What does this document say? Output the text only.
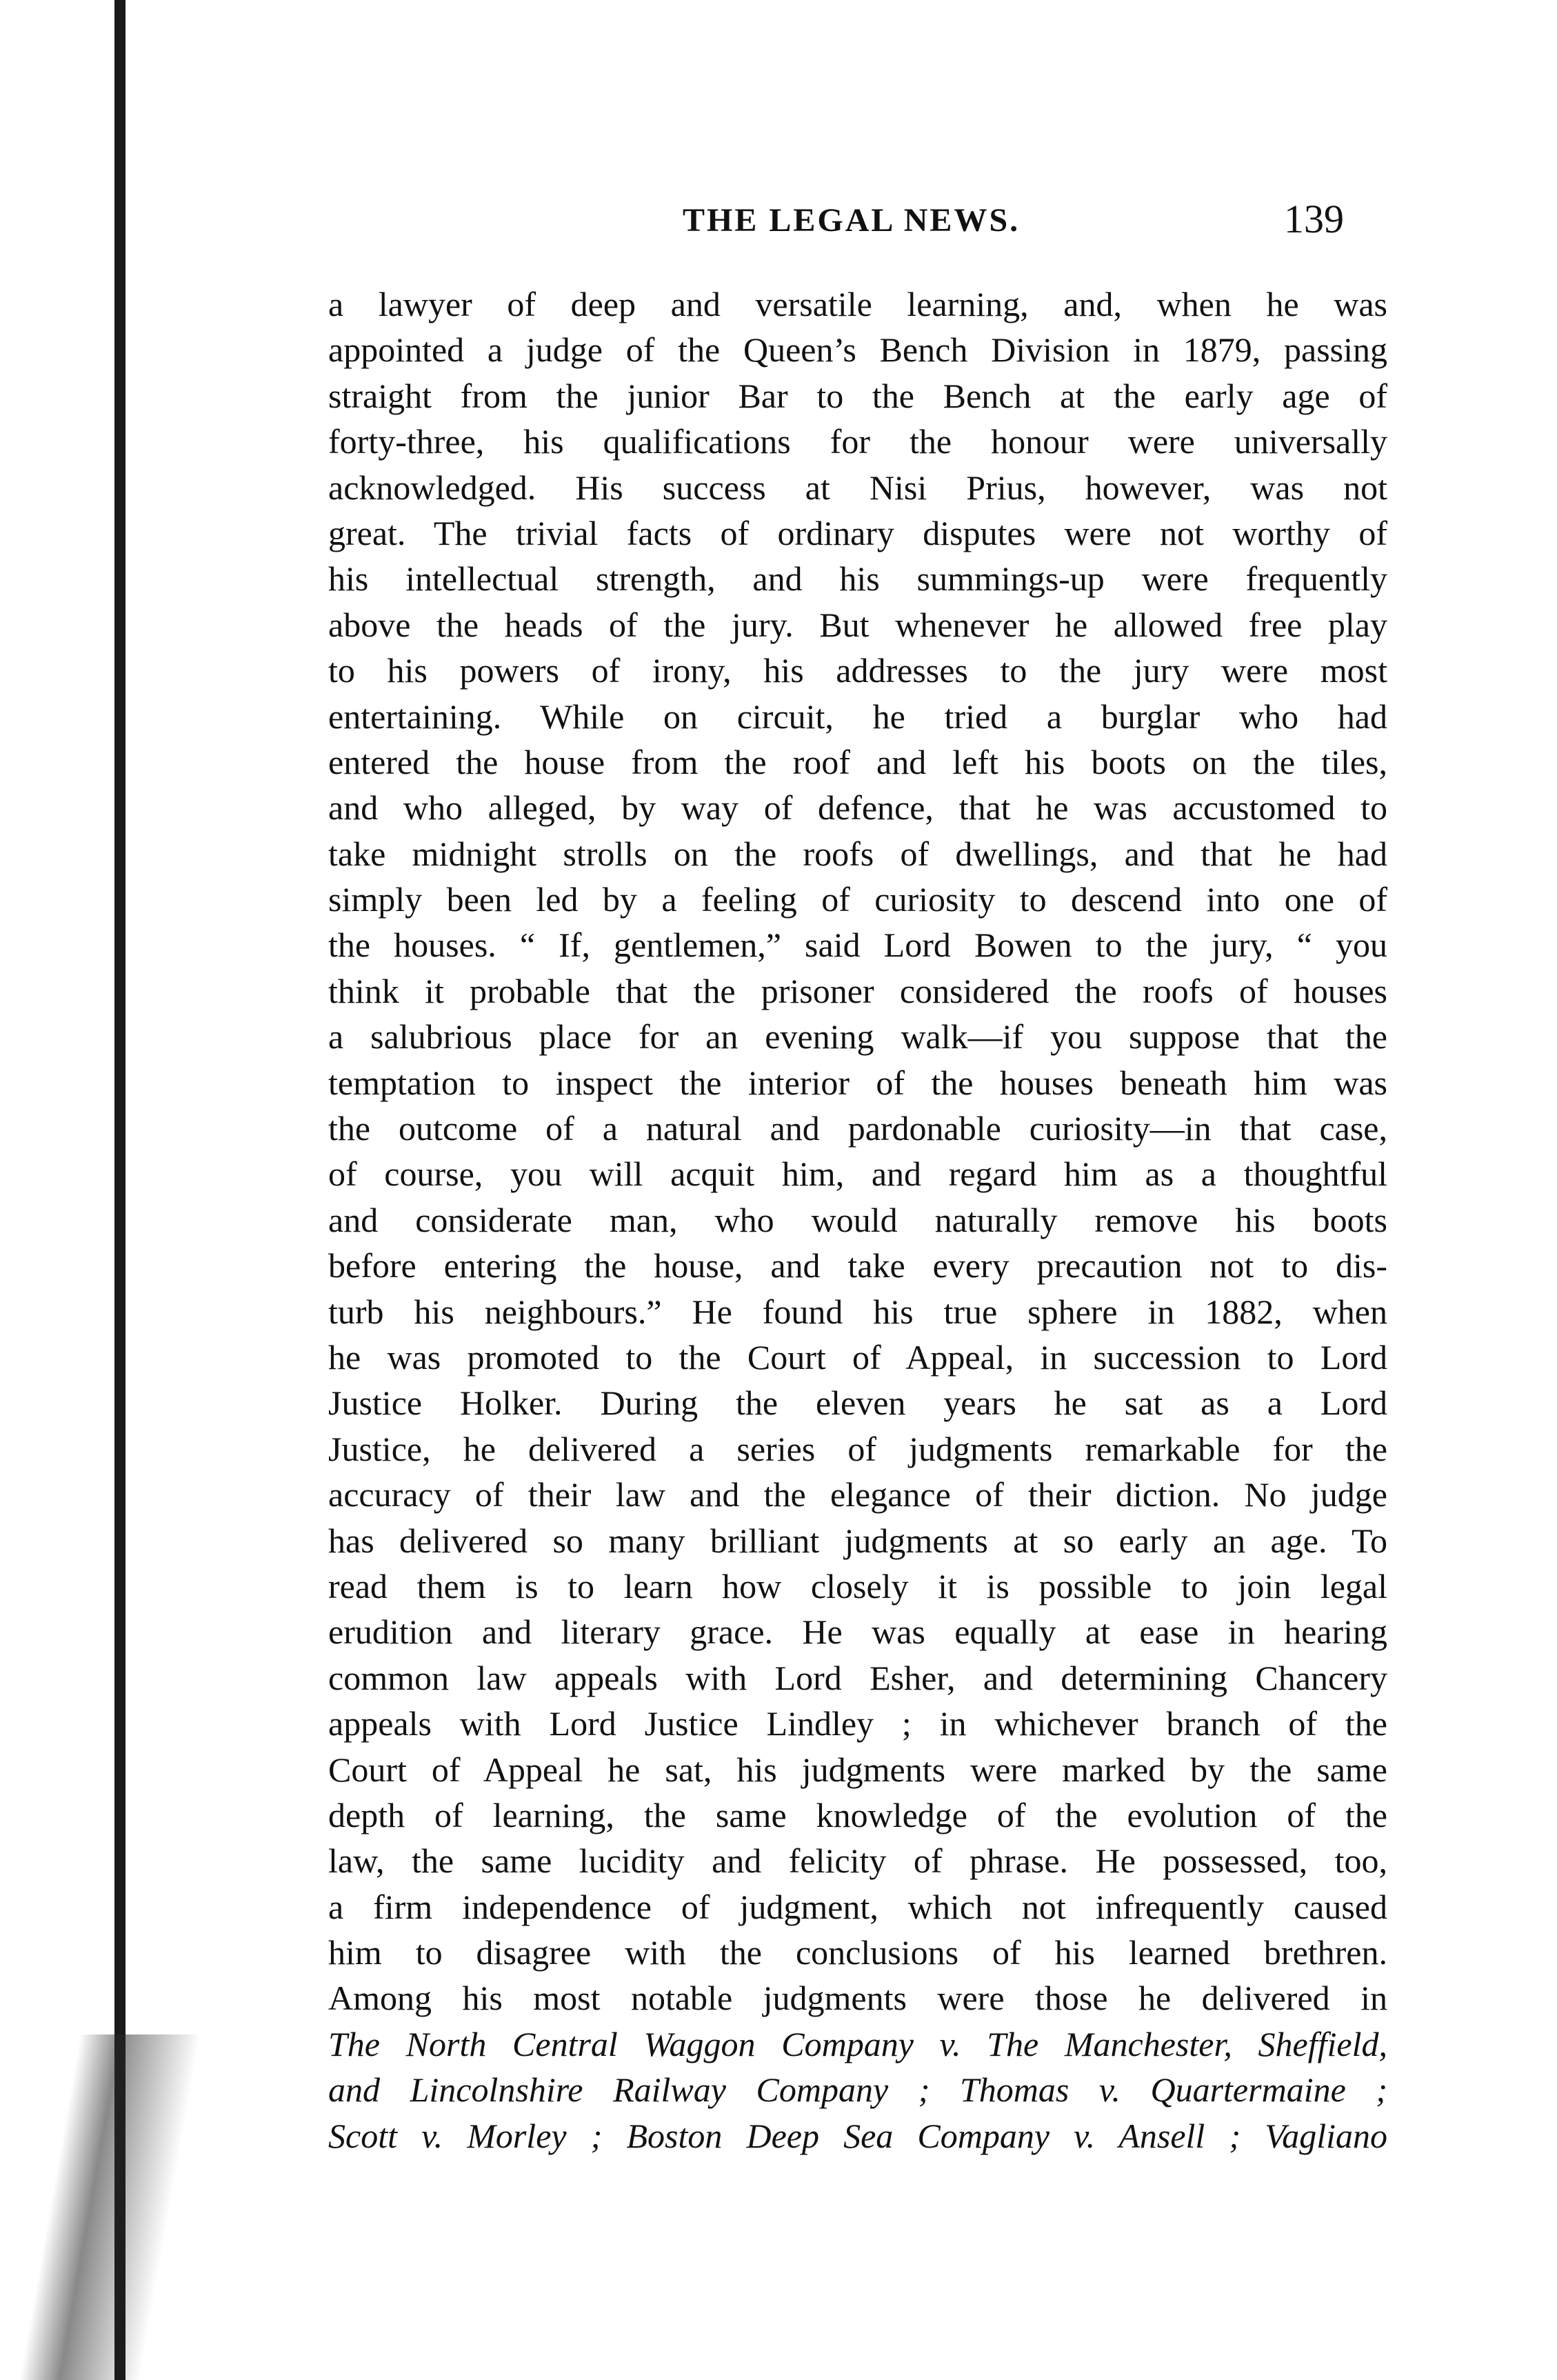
THE LEGAL NEWS.	139
a lawyer of deep and versatile learning, and, when he was
appointed a judge of the Queen’s Bench Division in 1879, passing
straight from the junior Bar to the Bench at the early age of
forty-three, his qualifications for the honour were universally
acknowledged. His success at Nisi Prius, however, was not
great. The trivial facts of ordinary disputes were not worthy of
his intellectual strength, and his summings-up were frequently
above the heads of the jury. But whenever he allowed free play
to his powers of irony, his addresses to the jury were most
entertaining. While on circuit, he tried a burglar who had
entered the house from the roof and left his boots on the tiles,
and who alleged, by way of defence, that he was accustomed to
take midnight strolls on the roofs of dwellings, and that he had
simply been led by a feeling of curiosity to descend into one of
the houses. “ If, gentlemen,” said Lord Bowen to the jury, “ you
think it probable that the prisoner considered the roofs of houses
a salubrious place for an evening walk—if you suppose that the
temptation to inspect the interior of the houses beneath him was
the outcome of a natural and pardonable curiosity—in that case,
of course, you will acquit him, and regard him as a thoughtful
and considerate man, who would naturally remove his boots
before entering the house, and take every precaution not to dis-
turb his neighbours.” He found his true sphere in 1882, when
he was promoted to the Court of Appeal, in succession to Lord
Justice Holker. During the eleven years he sat as a Lord
Justice, he delivered a series of judgments remarkable for the
accuracy of their law and the elegance of their diction. No judge
has delivered so many brilliant judgments at so early an age. To
read them is to learn how closely it is possible to join legal
erudition and literary grace. He was equally at ease in hearing
common law appeals with Lord Esher, and determining Chancery
appeals with Lord Justice Lindley ; in whichever branch of the
Court of Appeal he sat, his judgments were marked by the same
depth of learning, the same knowledge of the evolution of the
law, the same lucidity and felicity of phrase. He possessed, too,
a firm independence of judgment, which not infrequently caused
him to disagree with the conclusions of his learned brethren.
Among his most notable judgments were those he delivered in
The North Central Waggon Company v. The Manchester, Sheffield,
and Lincolnshire Railway Company ; Thomas v. Quartermaine ;
Scott v. Morley ; Boston Deep Sea Company v. Ansell ; Vagliano
